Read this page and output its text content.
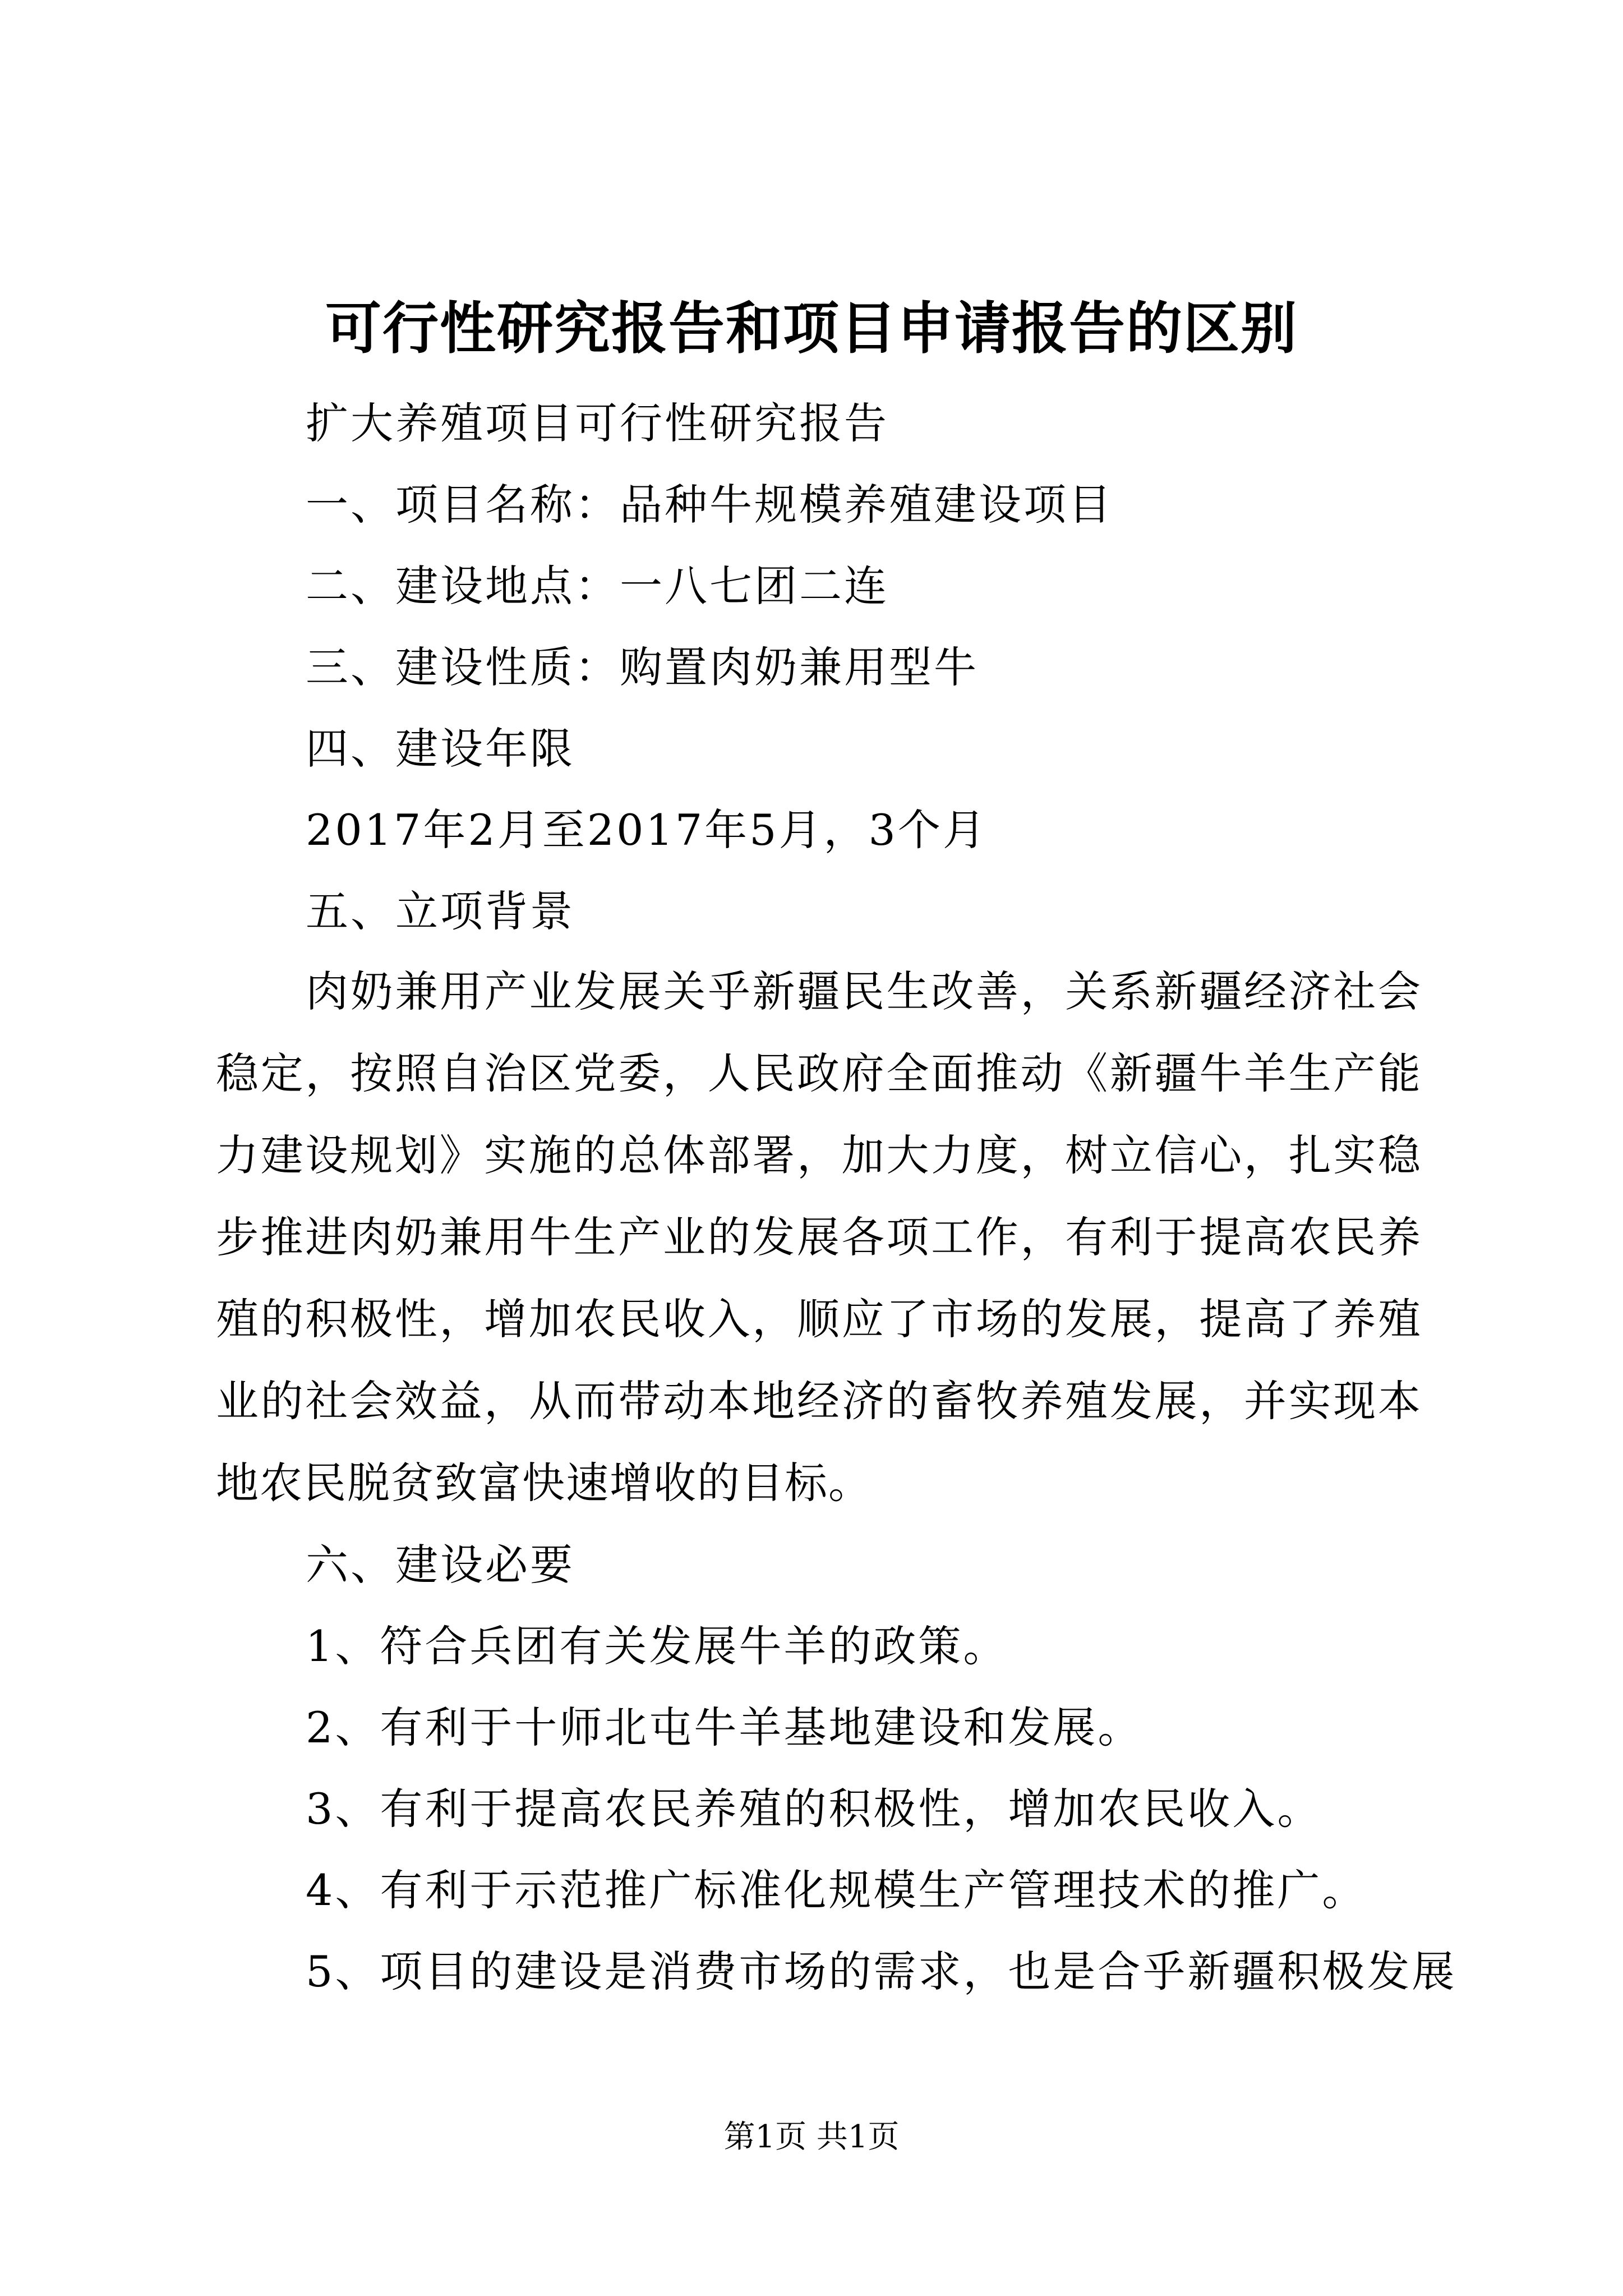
可行性研究报告和项目申请报告的区别
扩大养殖项目可行性研究报告
一、项目名称：品种牛规模养殖建设项目
二、建设地点：一八七团二连
三、建设性质：购置肉奶兼用型牛
四、建设年限
2017年2月至2017年5月，3个月
五、立项背景
肉奶兼用产业发展关乎新疆民生改善，关系新疆经济社会稳定，按照自治区党委，人民政府全面推动《新疆牛羊生产能力建设规划》实施的总体部署，加大力度，树立信心，扎实稳步推进肉奶兼用牛生产业的发展各项工作，有利于提高农民养殖的积极性，增加农民收入，顺应了市场的发展，提高了养殖业的社会效益，从而带动本地经济的畜牧养殖发展，并实现本地农民脱贫致富快速增收的目标。
六、建设必要
1、符合兵团有关发展牛羊的政策。
2、有利于十师北屯牛羊基地建设和发展。
3、有利于提高农民养殖的积极性，增加农民收入。
4、有利于示范推广标准化规模生产管理技术的推广。
5、项目的建设是消费市场的需求，也是合乎新疆积极发展
第1页 共1页
